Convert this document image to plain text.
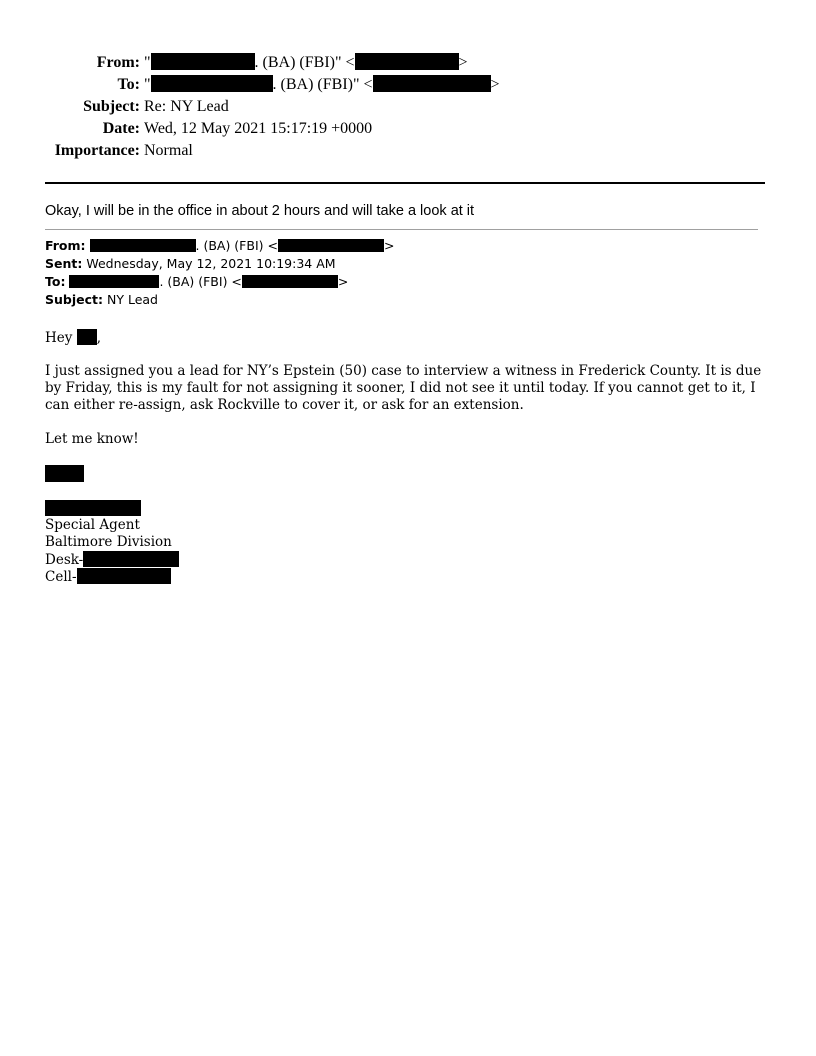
From: "	. (BA) (FBI)" <	>
To: "	. (BA) (FBI)" <	>
Subject: Re: NY Lead
Date: Wed, 12 May 2021 15:17:19 +0000
Importance: Normal
Okay, I will be in the office in about 2 hours and will take a look at it
From:	. (BA) (FBI) <	>
Sent: Wednesday, May 12, 2021 10:19:34 AM
To:	. (BA) (FBI) <	>
Subject: NY Lead
Hey ,

I just assigned you a lead for NY’s Epstein (50) case to interview a witness in Frederick County. It is due by Friday, this is my fault for not assigning it sooner, I did not see it until today. If you cannot get to it, I can either re-assign, ask Rockville to cover it, or ask for an extension.

Let me know!
Special Agent
Baltimore Division
Desk-
Cell-
